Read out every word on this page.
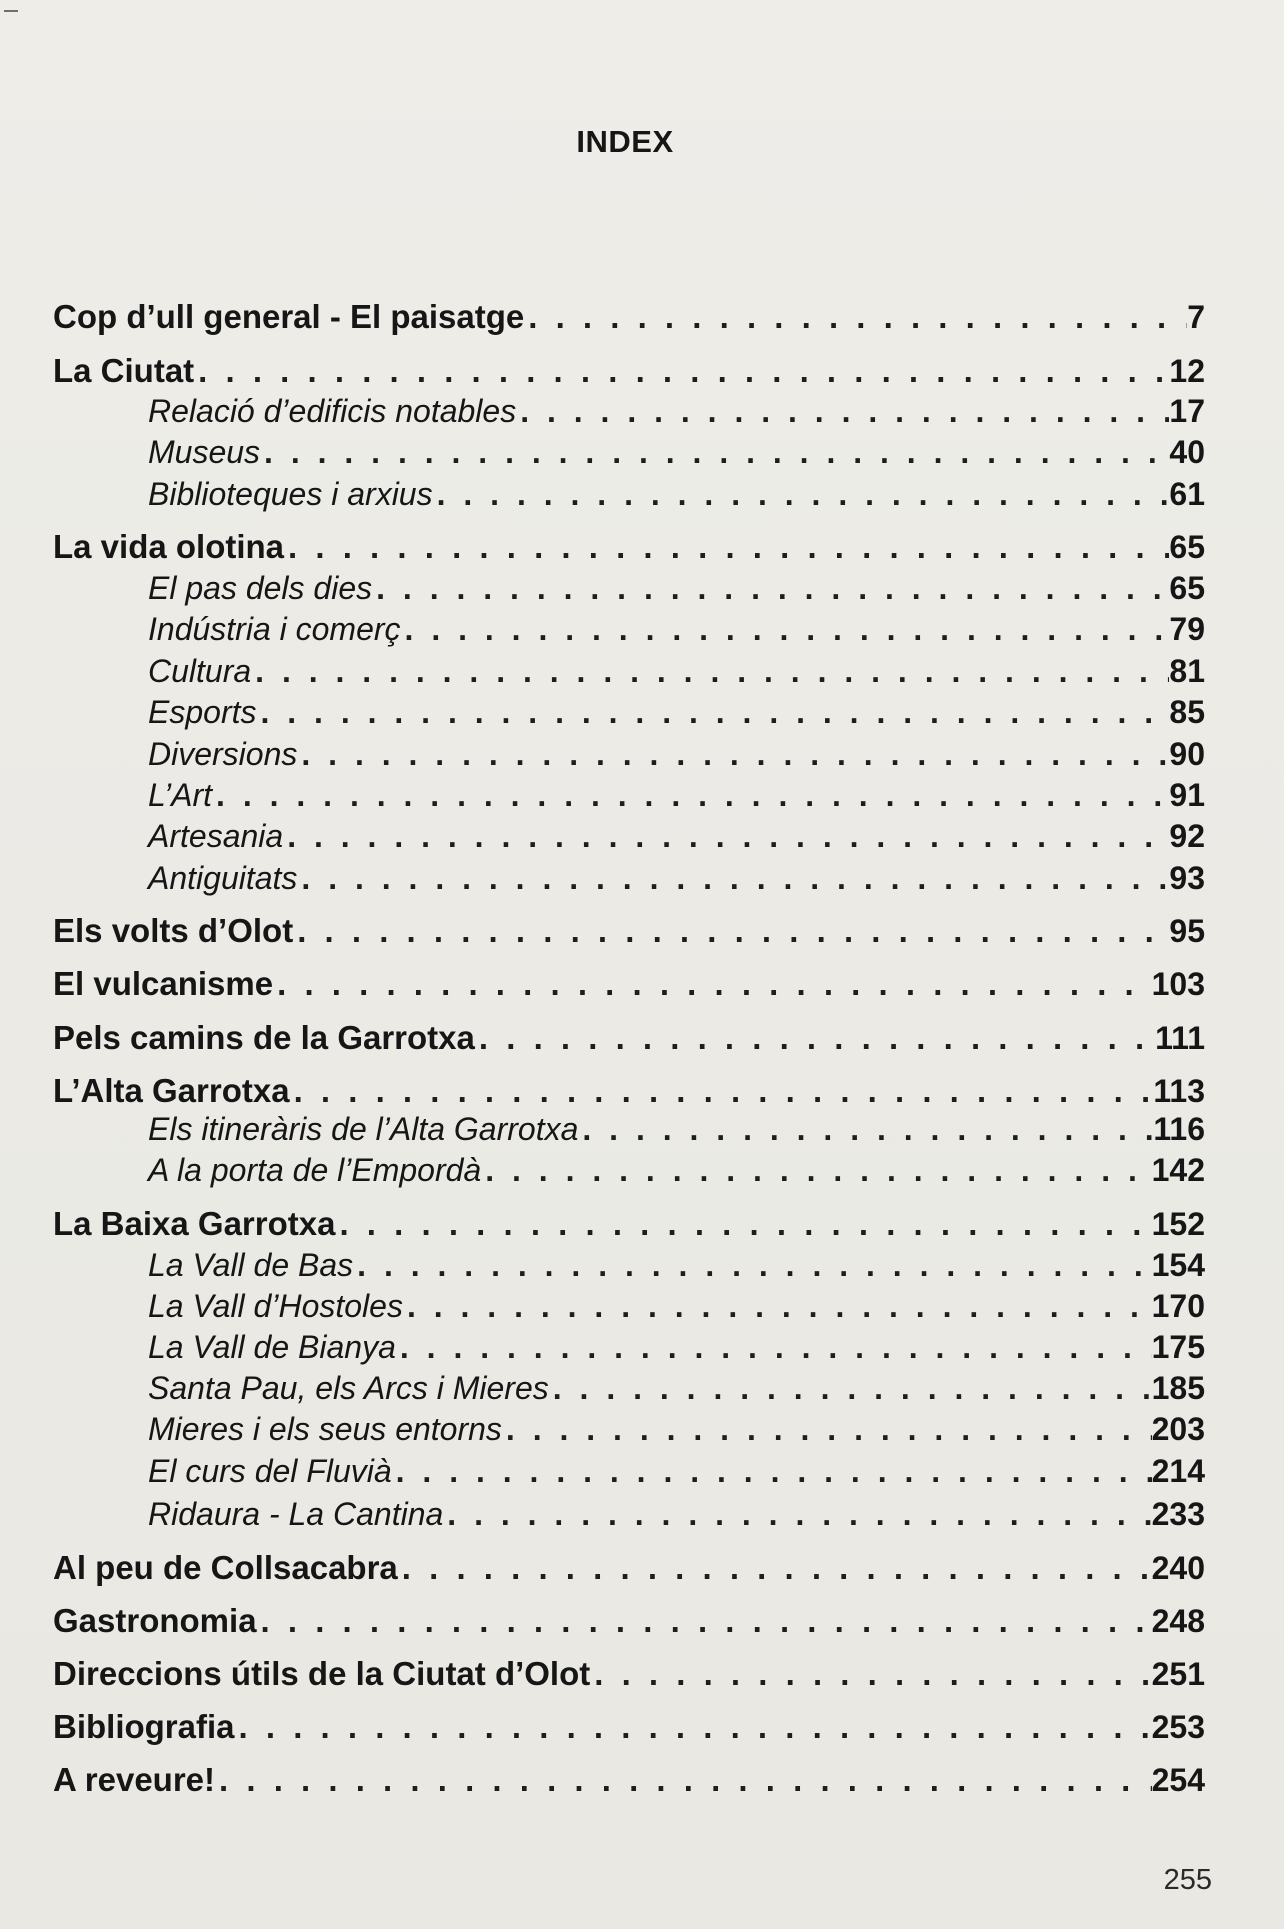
INDEX
Cop d’ull general - El paisatge . . .	7
La Ciutat . . .	12
Relació d’edificis notables . . .	17
Museus . . .	40
Biblioteques i arxius . . .	61
La vida olotina . . .	65
El pas dels dies . . .	65
Indústria i comerç . . .	79
Cultura . . .	81
Esports . . .	85
Diversions . . .	90
L’Art . . .	91
Artesania . . .	92
Antiguitats . . .	93
Els volts d’Olot . . .	95
El vulcanisme . . .	103
Pels camins de la Garrotxa . . .	111
L’Alta Garrotxa . . .	113
Els itineràris de l’Alta Garrotxa . . .	116
A la porta de l’Empordà . . .	142
La Baixa Garrotxa . . .	152
La Vall de Bas . . .	154
La Vall d’Hostoles . . .	170
La Vall de Bianya . . .	175
Santa Pau, els Arcs i Mieres . . .	185
Mieres i els seus entorns . . .	203
El curs del Fluvià . . .	214
Ridaura - La Cantina . . .	233
Al peu de Collsacabra . . .	240
Gastronomia . . .	248
Direccions útils de la Ciutat d’Olot . . .	251
Bibliografia . . .	253
A reveure! . . .	254
255
